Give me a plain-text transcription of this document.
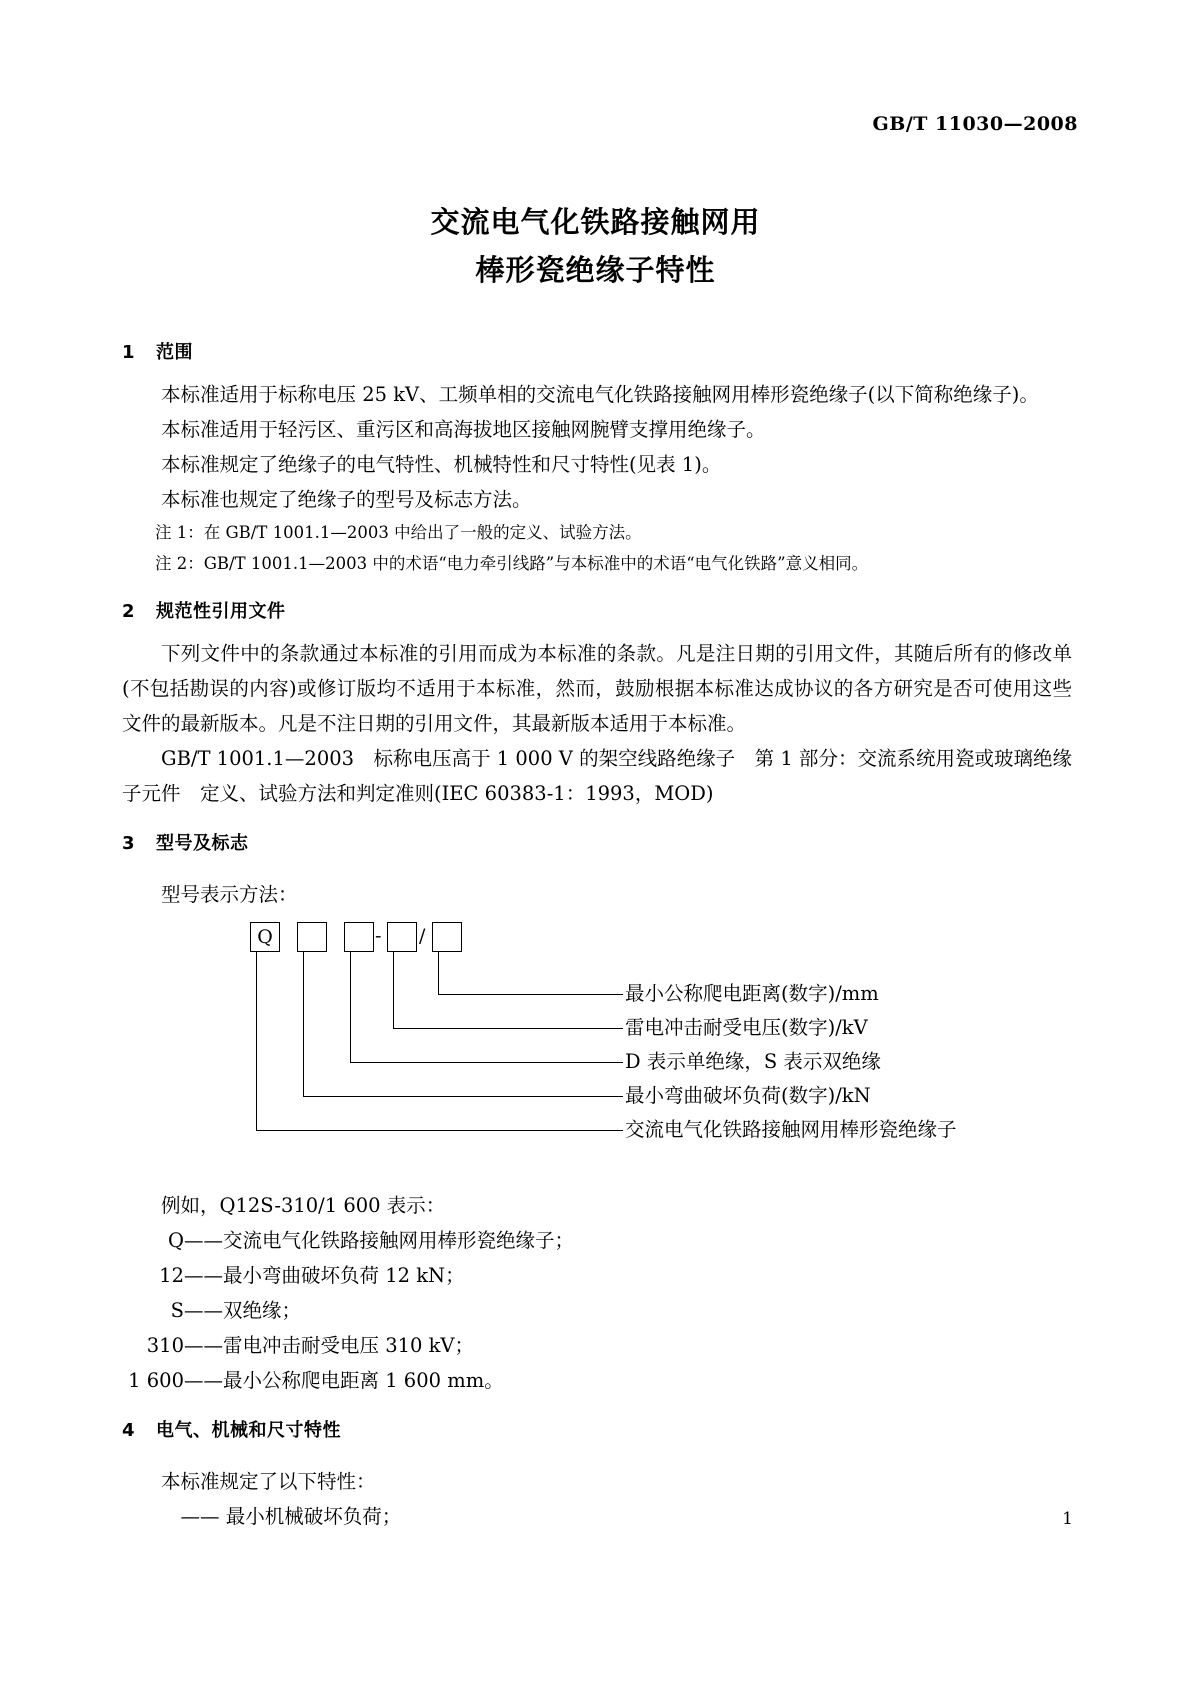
GB/T 11030—2008
交流电气化铁路接触网用
棒形瓷绝缘子特性
1 范围

本标准适用于标称电压 25 kV、工频单相的交流电气化铁路接触网用棒形瓷绝缘子(以下简称绝缘子)。

本标准适用于轻污区、重污区和高海拔地区接触网腕臂支撑用绝缘子。

本标准规定了绝缘子的电气特性、机械特性和尺寸特性(见表 1)。

本标准也规定了绝缘子的型号及标志方法。

注 1：在 GB/T 1001.1—2003 中给出了一般的定义、试验方法。

注 2：GB/T 1001.1—2003 中的术语“电力牵引线路”与本标准中的术语“电气化铁路”意义相同。

2 规范性引用文件

下列文件中的条款通过本标准的引用而成为本标准的条款。凡是注日期的引用文件，其随后所有的修改单(不包括勘误的内容)或修订版均不适用于本标准，然而，鼓励根据本标准达成协议的各方研究是否可使用这些文件的最新版本。凡是不注日期的引用文件，其最新版本适用于本标准。

GB/T 1001.1—2003　标称电压高于 1 000 V 的架空线路绝缘子　第 1 部分：交流系统用瓷或玻璃绝缘子元件　定义、试验方法和判定准则(IEC 60383-1：1993，MOD)

3 型号及标志

型号表示方法：

Q	- /
最小公称爬电距离(数字)/mm
雷电冲击耐受电压(数字)/kV
D 表示单绝缘，S 表示双绝缘
最小弯曲破坏负荷(数字)/kN
交流电气化铁路接触网用棒形瓷绝缘子

例如，Q12S-310/1 600 表示：

Q——交流电气化铁路接触网用棒形瓷绝缘子；

12——最小弯曲破坏负荷 12 kN；

S——双绝缘；

310——雷电冲击耐受电压 310 kV；

1 600——最小公称爬电距离 1 600 mm。

4 电气、机械和尺寸特性

本标准规定了以下特性：

—— 最小机械破坏负荷；	1
